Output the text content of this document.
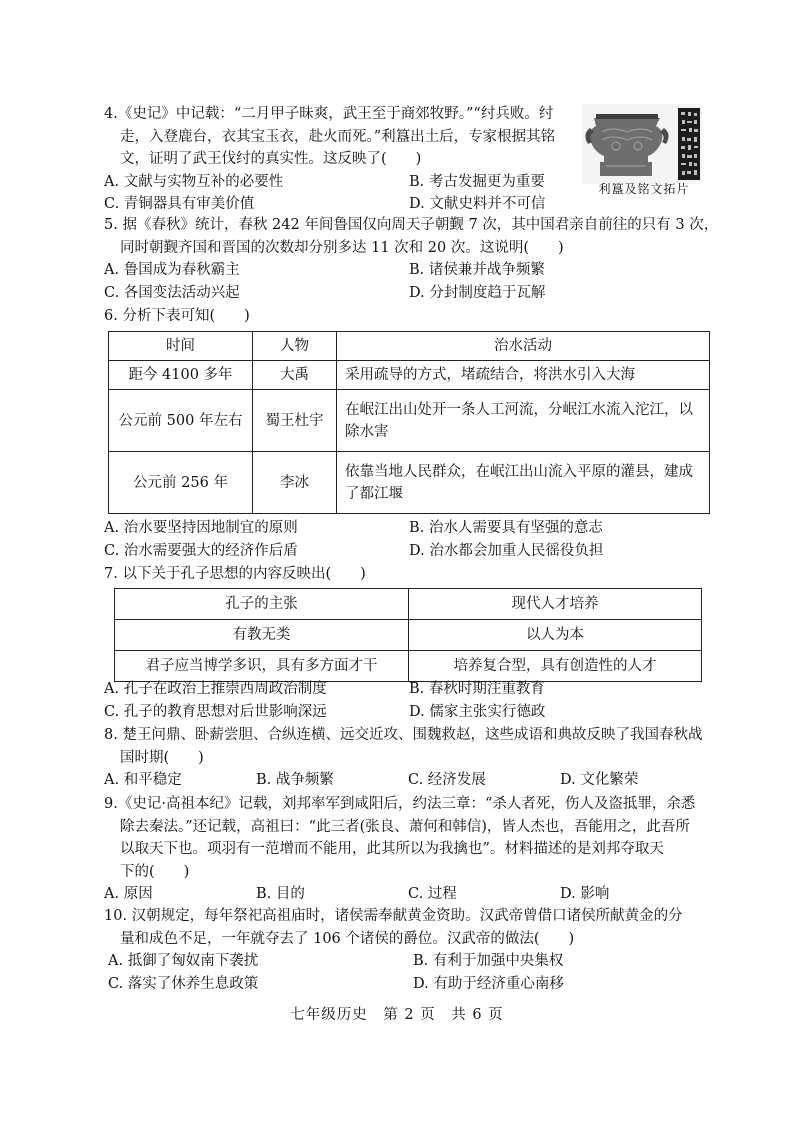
4.《史记》中记载：“二月甲子昧爽，武王至于商郊牧野。”“纣兵败。纣

走，入登鹿台，衣其宝玉衣，赴火而死。”利簋出土后，专家根据其铭

文，证明了武王伐纣的真实性。这反映了(　　)

A. 文献与实物互补的必要性	B. 考古发掘更为重要
C. 青铜器具有审美价值	D. 文献史料并不可信
利簋及铭文拓片

5. 据《春秋》统计，春秋 242 年间鲁国仅向周天子朝觐 7 次，其中国君亲自前往的只有 3 次，

同时朝觐齐国和晋国的次数却分别多达 11 次和 20 次。这说明(　　)

A. 鲁国成为春秋霸主	B. 诸侯兼并战争频繁
C. 各国变法活动兴起	D. 分封制度趋于瓦解

6. 分析下表可知(　　)

时间	人物	治水活动
距今 4100 多年	大禹	采用疏导的方式，堵疏结合，将洪水引入大海
公元前 500 年左右	蜀王杜宇	在岷江出山处开一条人工河流，分岷江水流入沱江，以除水害
公元前 256 年	李冰	依靠当地人民群众，在岷江出山流入平原的灌县，建成了都江堰
A. 治水要坚持因地制宜的原则	B. 治水人需要具有坚强的意志
C. 治水需要强大的经济作后盾	D. 治水都会加重人民徭役负担

7. 以下关于孔子思想的内容反映出(　　)

孔子的主张	现代人才培养
有教无类	以人为本
君子应当博学多识，具有多方面才干	培养复合型，具有创造性的人才
A. 孔子在政治上推崇西周政治制度	B. 春秋时期注重教育
C. 孔子的教育思想对后世影响深远	D. 儒家主张实行德政

8. 楚王问鼎、卧薪尝胆、合纵连横、远交近攻、围魏救赵，这些成语和典故反映了我国春秋战

国时期(　　)

A. 和平稳定	B. 战争频繁	C. 经济发展	D. 文化繁荣

9.《史记·高祖本纪》记载，刘邦率军到咸阳后，约法三章：“杀人者死，伤人及盗抵罪，余悉

除去秦法。”还记载，高祖曰：“此三者(张良、萧何和韩信)，皆人杰也，吾能用之，此吾所

以取天下也。项羽有一范增而不能用，此其所以为我擒也”。材料描述的是刘邦夺取天

下的(　　)

A. 原因	B. 目的	C. 过程	D. 影响

10. 汉朝规定，每年祭祀高祖庙时，诸侯需奉献黄金资助。汉武帝曾借口诸侯所献黄金的分

量和成色不足，一年就夺去了 106 个诸侯的爵位。汉武帝的做法(　　)

A. 抵御了匈奴南下袭扰	B. 有利于加强中央集权
C. 落实了休养生息政策	D. 有助于经济重心南移
七年级历史　第 2 页　共 6 页
